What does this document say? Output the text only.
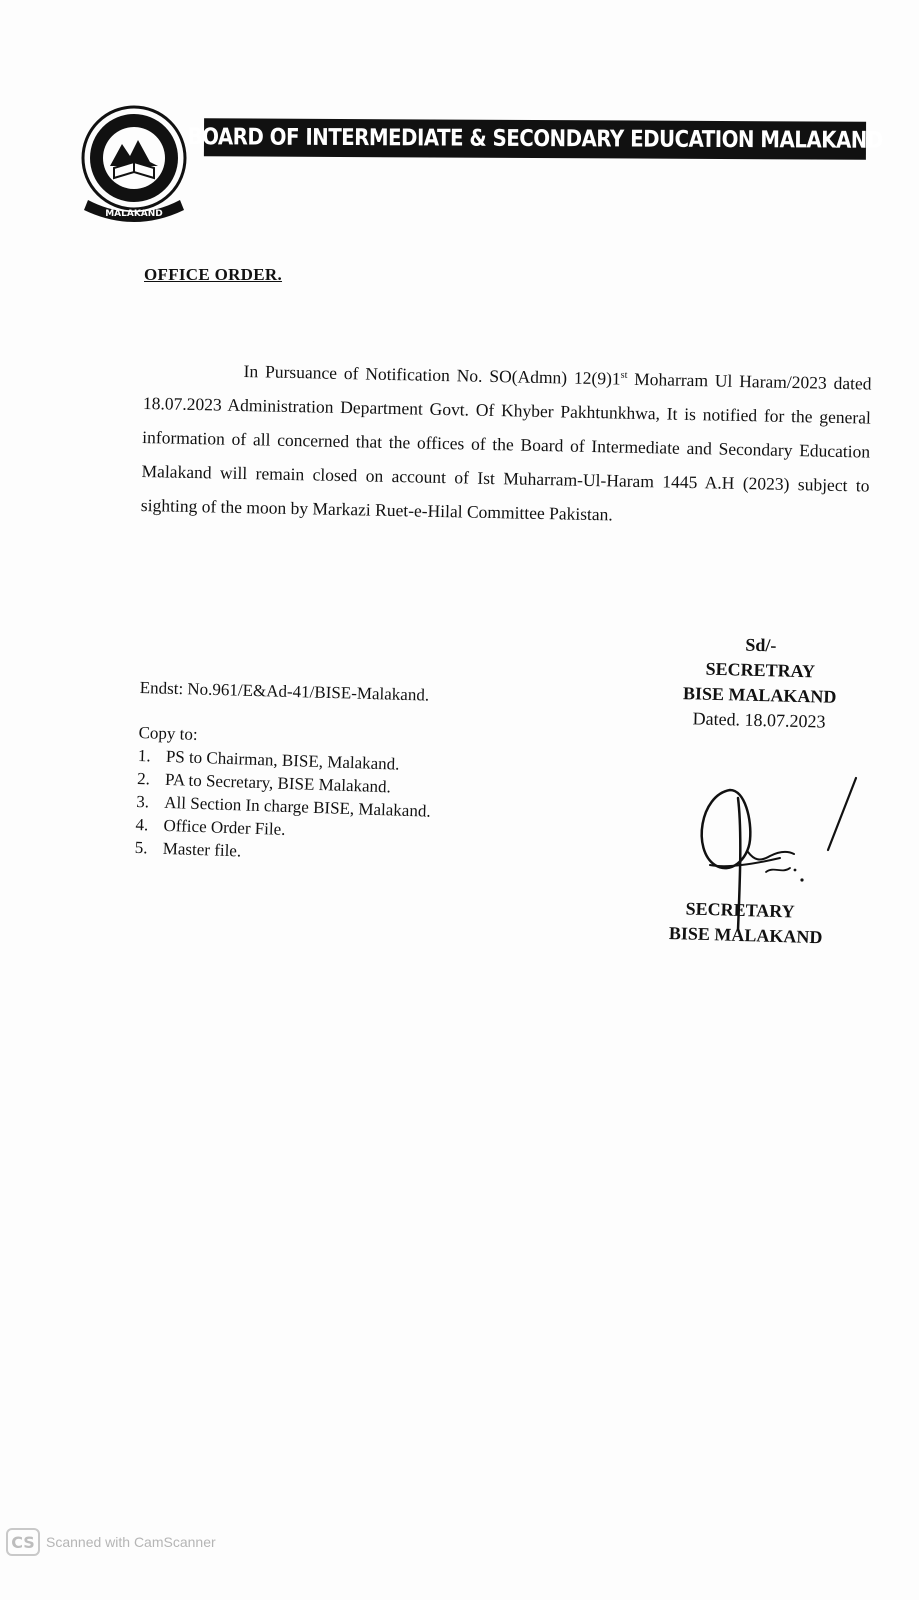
MALAKAND
BOARD OF INTERMEDIATE & SECONDARY EDUCATION MALAKAND
OFFICE ORDER.
In Pursuance of Notification No. SO(Admn) 12(9)1st Moharram Ul Haram/2023 dated 18.07.2023 Administration Department Govt. Of Khyber Pakhtunkhwa, It is notified for the general information of all concerned that the offices of the Board of Intermediate and Secondary Education Malakand will remain closed on account of Ist Muharram-Ul-Haram 1445 A.H (2023) subject to sighting of the moon by Markazi Ruet-e-Hilal Committee Pakistan.
Sd/-
SECRETRAY
BISE MALAKAND
Dated. 18.07.2023
Endst: No.961/E&Ad-41/BISE-Malakand.
Copy to:
1. PS to Chairman, BISE, Malakand.
2. PA to Secretary, BISE Malakand.
3. All Section In charge BISE, Malakand.
4. Office Order File.
5. Master file.
SECRETARY
BISE MALAKAND
CS Scanned with CamScanner
